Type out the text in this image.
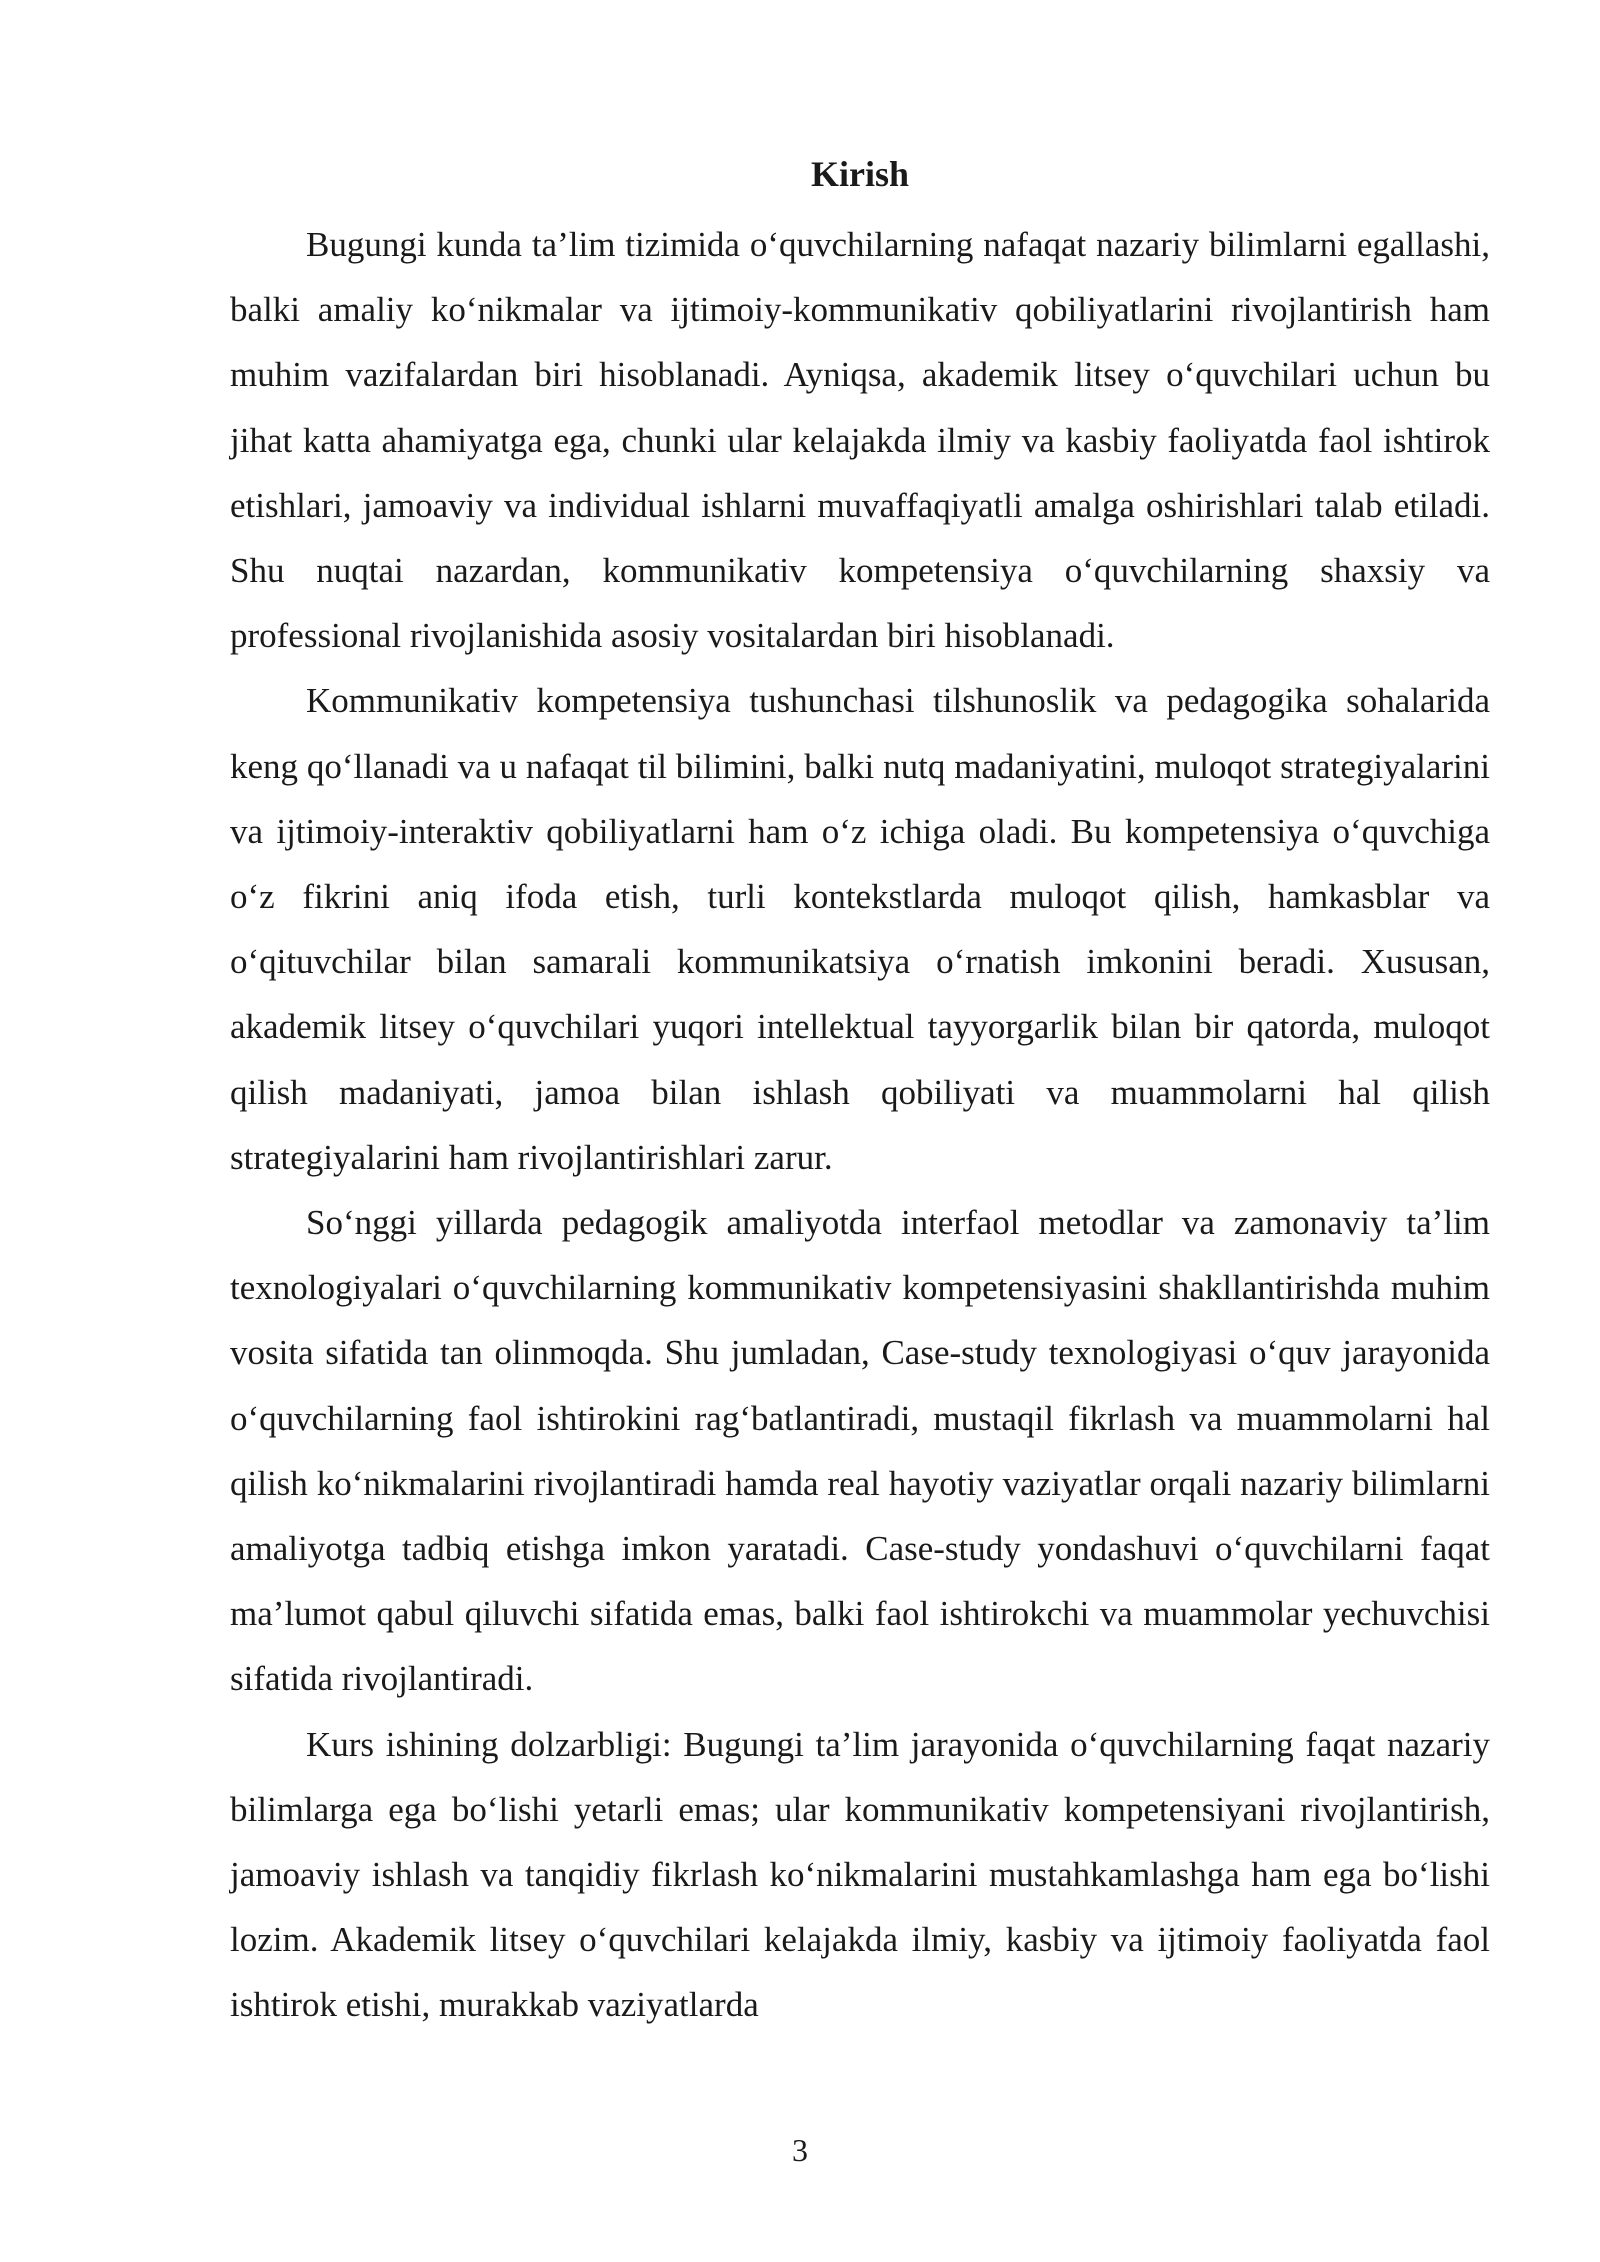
Kirish

Bugungi kunda ta’lim tizimida o‘quvchilarning nafaqat nazariy bilimlarni egallashi, balki amaliy ko‘nikmalar va ijtimoiy-kommunikativ qobiliyatlarini rivojlantirish ham muhim vazifalardan biri hisoblanadi. Ayniqsa, akademik litsey o‘quvchilari uchun bu jihat katta ahamiyatga ega, chunki ular kelajakda ilmiy va kasbiy faoliyatda faol ishtirok etishlari, jamoaviy va individual ishlarni muvaffaqiyatli amalga oshirishlari talab etiladi. Shu nuqtai nazardan, kommunikativ kompetensiya o‘quvchilarning shaxsiy va professional rivojlanishida asosiy vositalardan biri hisoblanadi.

Kommunikativ kompetensiya tushunchasi tilshunoslik va pedagogika sohalarida keng qo‘llanadi va u nafaqat til bilimini, balki nutq madaniyatini, muloqot strategiyalarini va ijtimoiy-interaktiv qobiliyatlarni ham o‘z ichiga oladi. Bu kompetensiya o‘quvchiga o‘z fikrini aniq ifoda etish, turli kontekstlarda muloqot qilish, hamkasblar va o‘qituvchilar bilan samarali kommunikatsiya o‘rnatish imkonini beradi. Xususan, akademik litsey o‘quvchilari yuqori intellektual tayyorgarlik bilan bir qatorda, muloqot qilish madaniyati, jamoa bilan ishlash qobiliyati va muammolarni hal qilish strategiyalarini ham rivojlantirishlari zarur.

So‘nggi yillarda pedagogik amaliyotda interfaol metodlar va zamonaviy ta’lim texnologiyalari o‘quvchilarning kommunikativ kompetensiyasini shakllantirishda muhim vosita sifatida tan olinmoqda. Shu jumladan, Case-study texnologiyasi o‘quv jarayonida o‘quvchilarning faol ishtirokini rag‘batlantiradi, mustaqil fikrlash va muammolarni hal qilish ko‘nikmalarini rivojlantiradi hamda real hayotiy vaziyatlar orqali nazariy bilimlarni amaliyotga tadbiq etishga imkon yaratadi. Case-study yondashuvi o‘quvchilarni faqat ma’lumot qabul qiluvchi sifatida emas, balki faol ishtirokchi va muammolar yechuvchisi sifatida rivojlantiradi.

Kurs ishining dolzarbligi: Bugungi ta’lim jarayonida o‘quvchilarning faqat nazariy bilimlarga ega bo‘lishi yetarli emas; ular kommunikativ kompetensiyani rivojlantirish, jamoaviy ishlash va tanqidiy fikrlash ko‘nikmalarini mustahkamlashga ham ega bo‘lishi lozim. Akademik litsey o‘quvchilari kelajakda ilmiy, kasbiy va ijtimoiy faoliyatda faol ishtirok etishi, murakkab vaziyatlarda

3
